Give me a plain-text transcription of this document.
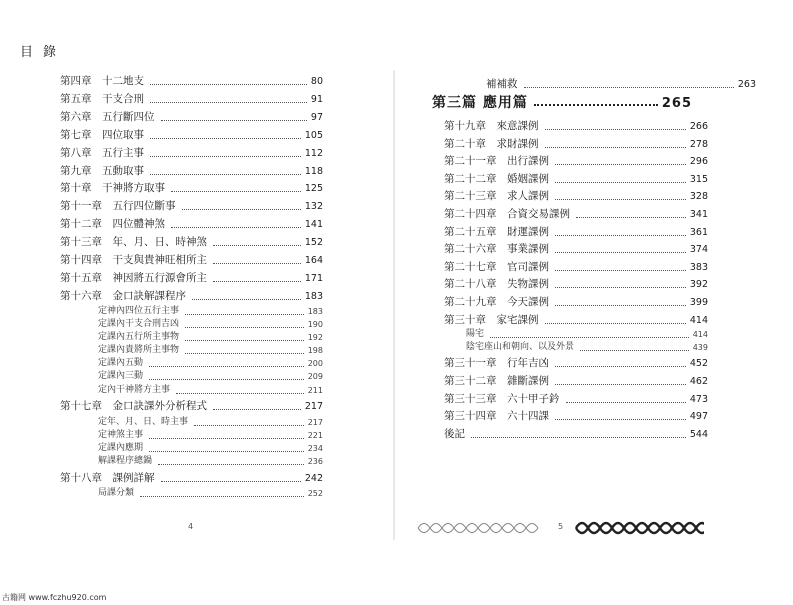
目錄
第四章　十二地支	80
第五章　干支合刑	91
第六章　五行斷四位	97
第七章　四位取事	105
第八章　五行主事	112
第九章　五動取事	118
第十章　干神將方取事	125
第十一章　五行四位斷事	132
第十二章　四位體神煞	141
第十三章　年、月、日、時神煞	152
第十四章　干支與貴神旺相所主	164
第十五章　神因將五行源會所主	171
第十六章　金口訣解課程序	183
定神內四位五行主事	183
定課內干支合刑吉凶	190
定課內五行所主事物	192
定課內貴將所主事物	198
定課內五動	200
定課內三動	209
定內干神將方主事	211
第十七章　金口訣課外分析程式	217
定年、月、日、時主事	217
定神煞主事	221
定課內應期	234
解課程序總鍋	236
第十八章　課例詳解	242
局課分類	252
4
補補救	263
第三篇 應用篇	265
第十九章　來意課例	266
第二十章　求財課例	278
第二十一章　出行課例	296
第二十二章　婚姻課例	315
第二十三章　求人課例	328
第二十四章　合資交易課例	341
第二十五章　財運課例	361
第二十六章　事業課例	374
第二十七章　官司課例	383
第二十八章　失物課例	392
第二十九章　今天課例	399
第三十章　家宅課例	414
陽宅	414
陰宅座山和朝向、以及外景	439
第三十一章　行年吉凶	452
第三十二章　雜斷課例	462
第三十三章　六十甲子鈐	473
第三十四章　六十四課	497
後記	544
5
古籍网 www.fczhu920.com
